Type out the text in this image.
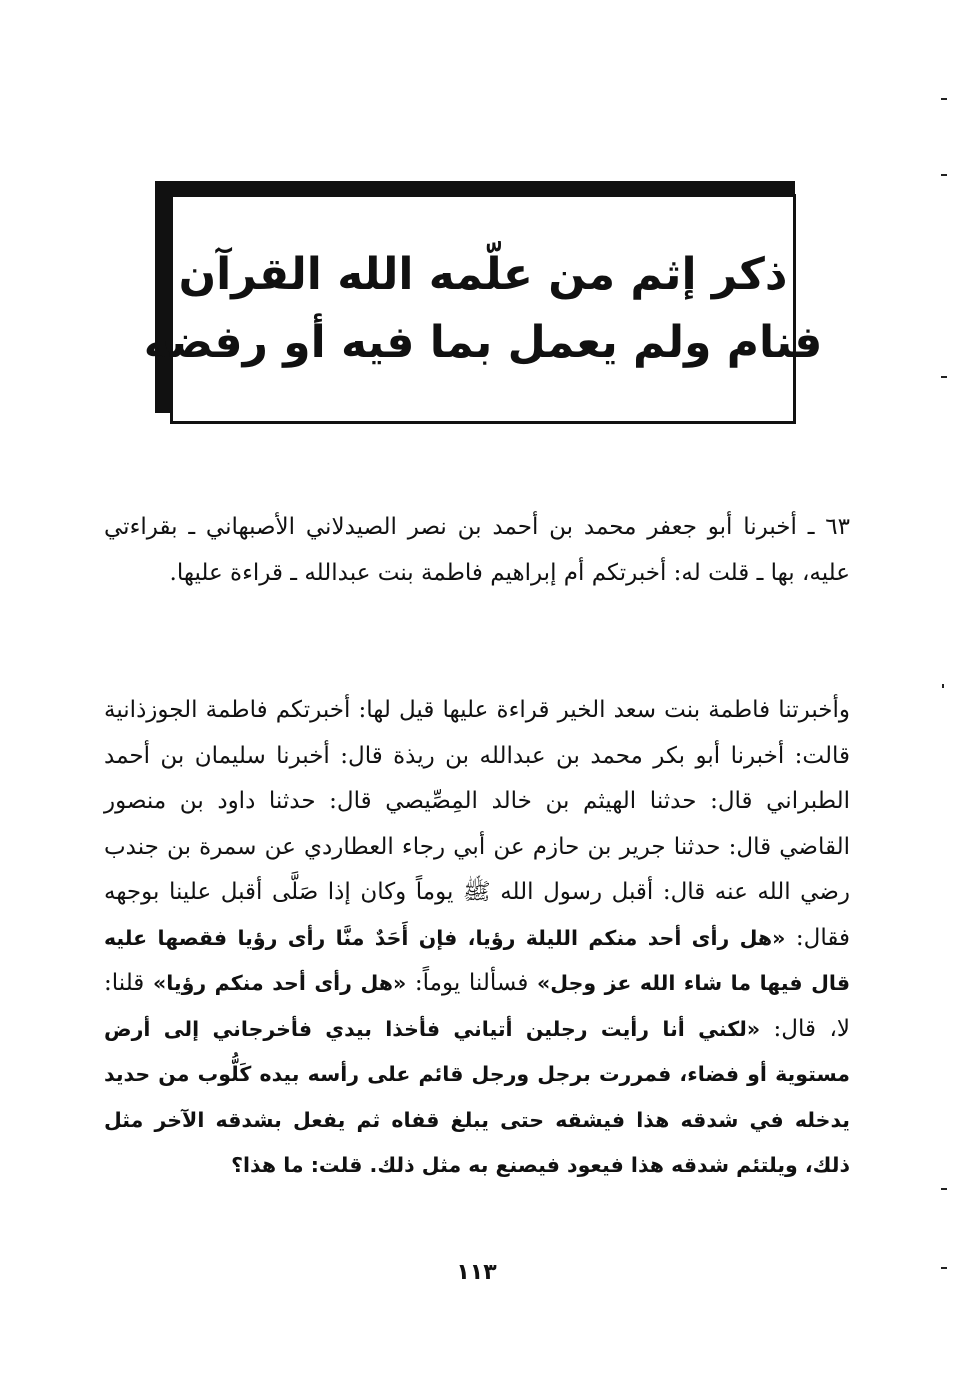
ذكر إثم من علّمه الله القرآن
فنام ولم يعمل بما فيه أو رفضه
٦٣ ـ أخبرنا أبو جعفر محمد بن أحمد بن نصر الصيدلاني الأصبهاني ـ بقراءتي عليه، بها ـ قلت له: أخبرتكم أم إبراهيم فاطمة بنت عبدالله ـ قراءة عليها.
وأخبرتنا فاطمة بنت سعد الخير قراءة عليها قيل لها: أخبرتكم فاطمة الجوزذانية قالت: أخبرنا أبو بكر محمد بن عبدالله بن ريذة قال: أخبرنا سليمان بن أحمد الطبراني قال: حدثنا الهيثم بن خالد المِصِّيصي قال: حدثنا داود بن منصور القاضي قال: حدثنا جرير بن حازم عن أبي رجاء العطاردي عن سمرة بن جندب رضي الله عنه قال: أقبل رسول الله ﷺ يوماً وكان إذا صَلَّى أقبل علينا بوجهه فقال: «هل رأى أحد منكم الليلة رؤيا، فإن أَحَدٌ منَّا رأى رؤيا فقصها عليه قال فيها ما شاء الله عز وجل» فسألنا يوماً: «هل رأى أحد منكم رؤيا» قلنا: لا، قال: «لكني أنا رأيت رجلين أتياني فأخذا بيدي فأخرجاني إلى أرض مستوية أو فضاء، فمررت برجل ورجل قائم على رأسه بيده كَلُّوب من حديد يدخله في شدقه هذا فيشقه حتى يبلغ قفاه ثم يفعل بشدقه الآخر مثل ذلك، ويلتئم شدقه هذا فيعود فيصنع به مثل ذلك. قلت: ما هذا؟
١١٣
